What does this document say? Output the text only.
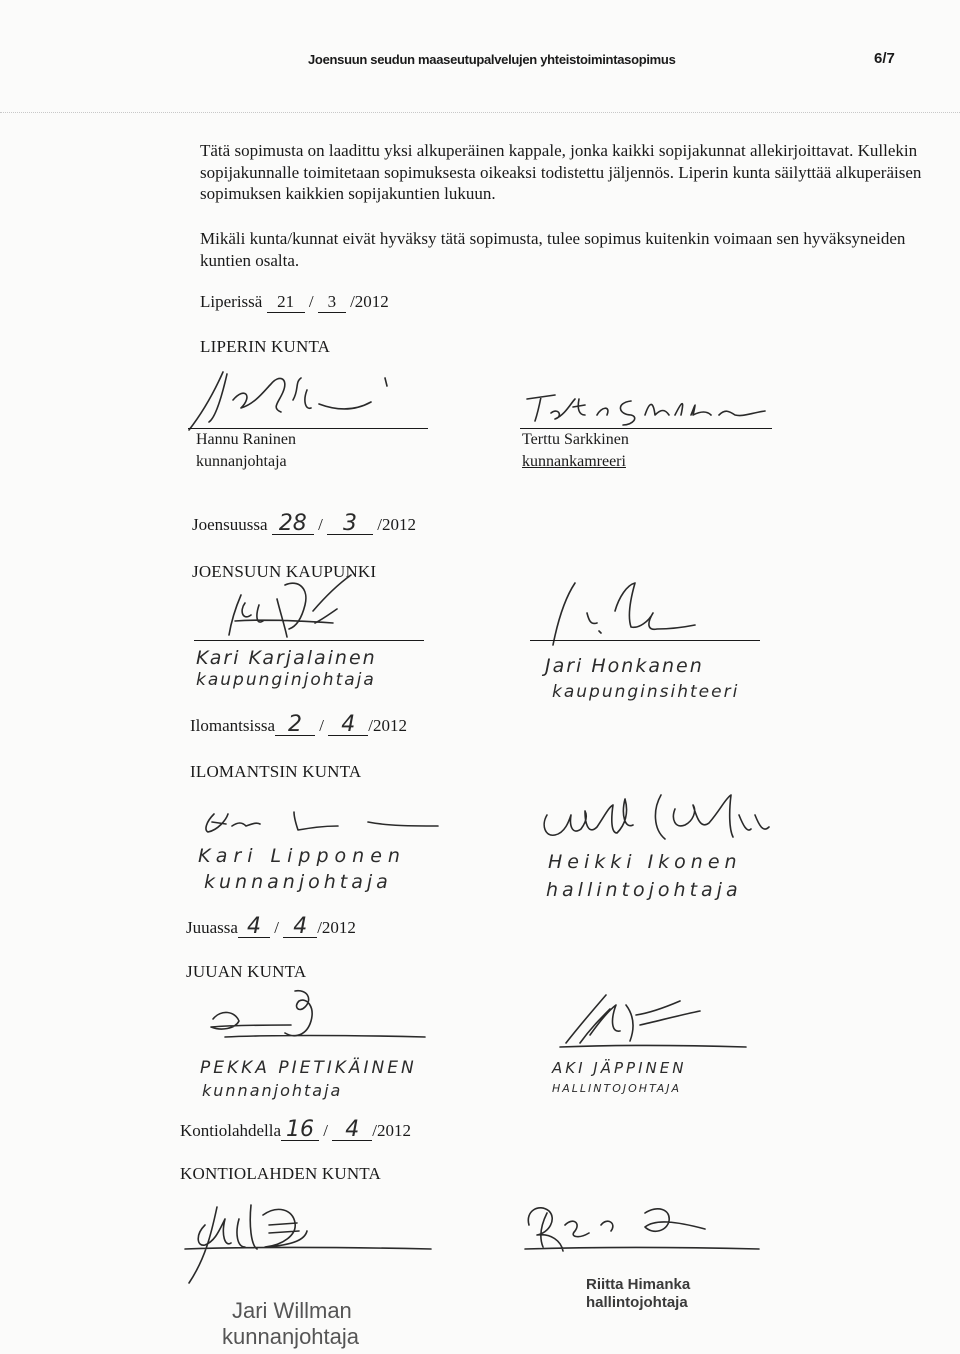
Joensuun seudun maaseutupalvelujen yhteistoimintasopimus	6/7
Tätä sopimusta on laadittu yksi alkuperäinen kappale, jonka kaikki sopijakunnat allekirjoittavat. Kullekin sopijakunnalle toimitetaan sopimuksesta oikeaksi todistettu jäljennös. Liperin kunta säilyttää alkuperäisen sopimuksen kaikkien sopijakuntien lukuun.
Mikäli kunta/kunnat eivät hyväksy tätä sopimusta, tulee sopimus kuitenkin voimaan sen hyväksyneiden kuntien osalta.
Liperissä 21 / 3 /2012
LIPERIN KUNTA
Hannu Raninen
kunnanjohtaja
Terttu Sarkkinen
kunnankamreeri
Joensuussa 28 / 3 /2012
JOENSUUN KAUPUNKI
Kari Karjalainen
kaupunginjohtaja
Jari Honkanen
kaupunginsihteeri
Ilomantsissa 2 / 4 /2012
ILOMANTSIN KUNTA
Kari Lipponen
kunnanjohtaja
Heikki Ikonen
hallintojohtaja
Juuassa 4 / 4 /2012
JUUAN KUNTA
PEKKA PIETIKÄINEN
kunnanjohtaja
AKI JÄPPINEN
HALLINTOJOHTAJA
Kontiolahdella 16 / 4 /2012
KONTIOLAHDEN KUNTA
Jari Willman
kunnanjohtaja
Riitta Himanka
hallintojohtaja
